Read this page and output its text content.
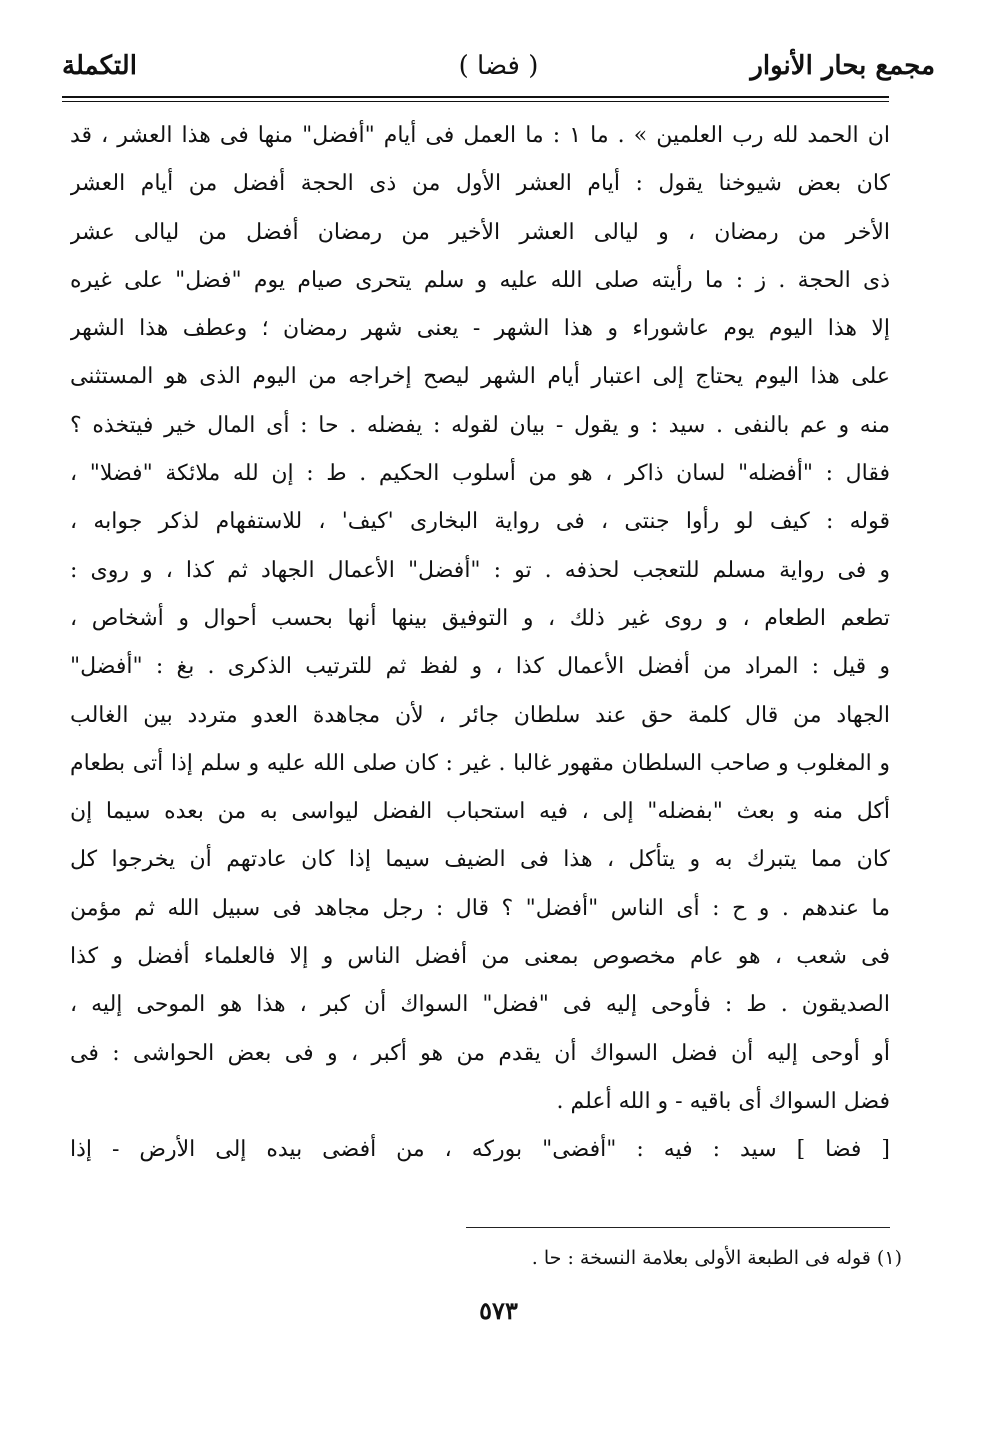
مجمع بحار الأنوار
( فضا )
التكملة
ان الحمد لله رب العلمين » . ما ١ : ما العمل فى أيام "أفضل" منها فى هذا العشر ، قد
كان بعض شيوخنا يقول : أيام العشر الأول من ذى الحجة أفضل من أيام العشر
الأخر من رمضان ، و ليالى العشر الأخير من رمضان أفضل من ليالى عشر
ذى الحجة . ز : ما رأيته صلى الله عليه و سلم يتحرى صيام يوم "فضل" على غيره
إلا هذا اليوم يوم عاشوراء و هذا الشهر - يعنى شهر رمضان ؛ وعطف هذا الشهر
على هذا اليوم يحتاج إلى اعتبار أيام الشهر ليصح إخراجه من اليوم الذى هو المستثنى
منه و عم بالنفى . سيد : و يقول - بيان لقوله : يفضله . حا : أى المال خير فيتخذه ؟
فقال : "أفضله" لسان ذاكر ، هو من أسلوب الحكيم . ط : إن لله ملائكة "فضلا" ،
قوله : كيف لو رأوا جنتى ، فى رواية البخارى 'كيف' ، للاستفهام لذكر جوابه ،
و فى رواية مسلم للتعجب لحذفه . تو : "أفضل" الأعمال الجهاد ثم كذا ، و روى :
تطعم الطعام ، و روى غير ذلك ، و التوفيق بينها أنها بحسب أحوال و أشخاص ،
و قيل : المراد من أفضل الأعمال كذا ، و لفظ ثم للترتيب الذكرى . بغ : "أفضل"
الجهاد من قال كلمة حق عند سلطان جائر ، لأن مجاهدة العدو متردد بين الغالب
و المغلوب و صاحب السلطان مقهور غالبا . غير : كان صلى الله عليه و سلم إذا أتى بطعام
أكل منه و بعث "بفضله" إلى ، فيه استحباب الفضل ليواسى به من بعده سيما إن
كان مما يتبرك به و يتأكل ، هذا فى الضيف سيما إذا كان عادتهم أن يخرجوا كل
ما عندهم . و ح : أى الناس "أفضل" ؟ قال : رجل مجاهد فى سبيل الله ثم مؤمن
فى شعب ، هو عام مخصوص بمعنى من أفضل الناس و إلا فالعلماء أفضل و كذا
الصديقون . ط : فأوحى إليه فى "فضل" السواك أن كبر ، هذا هو الموحى إليه ،
أو أوحى إليه أن فضل السواك أن يقدم من هو أكبر ، و فى بعض الحواشى : فى
فضل السواك أى باقيه - و الله أعلم .
[ فضا ] سيد : فيه : "أفضى" بوركه ، من أفضى بيده إلى الأرض - إذا
(١) قوله فى الطبعة الأولى بعلامة النسخة : حا .
٥٧٣
